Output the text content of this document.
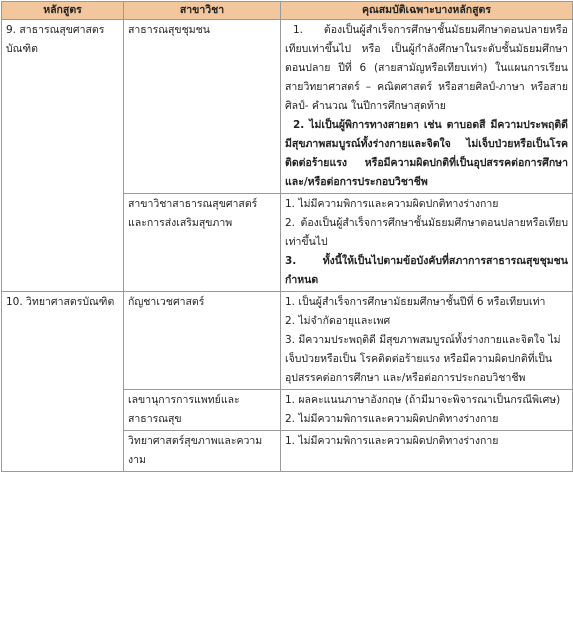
หลักสูตร	สาขาวิชา	คุณสมบัติเฉพาะบางหลักสูตร
9. สาธารณสุขศาสตรบัณฑิต	สาธารณสุขชุมชน	1. ต้องเป็นผู้สำเร็จการศึกษาชั้นมัธยมศึกษาตอนปลายหรือเทียบเท่าขึ้นไป หรือ เป็นผู้กำลังศึกษาในระดับชั้นมัธยมศึกษาตอนปลาย ปีที่ 6 (สายสามัญหรือเทียบเท่า) ในแผนการเรียนสายวิทยาศาสตร์ – คณิตศาสตร์ หรือสายศิลป์-ภาษา หรือสายศิลป์- คำนวณ ในปีการศึกษาสุดท้าย

2. ไม่เป็นผู้พิการทางสายตา เช่น ตาบอดสี มีความประพฤติดี มีสุขภาพสมบูรณ์ทั้งร่างกายและจิตใจ ไม่เจ็บป่วยหรือเป็นโรคติดต่อร้ายแรง หรือมีความผิดปกติที่เป็นอุปสรรคต่อการศึกษา และ/หรือต่อการประกอบวิชาชีพ

	สาขาวิชาสาธารณสุขศาสตร์และการส่งเสริมสุขภาพ	1. ไม่มีความพิการและความผิดปกติทางร่างกาย

2. ต้องเป็นผู้สำเร็จการศึกษาชั้นมัธยมศึกษาตอนปลายหรือเทียบเท่าขึ้นไป

3. ทั้งนี้ให้เป็นไปตามข้อบังคับที่สภาการสาธารณสุขชุมชนกำหนด

10. วิทยาศาสตรบัณฑิต	กัญชาเวชศาสตร์	1. เป็นผู้สำเร็จการศึกษามัธยมศึกษาชั้นปีที่ 6 หรือเทียบเท่า

2. ไม่จำกัดอายุและเพศ

3. มีความประพฤติดี มีสุขภาพสมบูรณ์ทั้งร่างกายและจิตใจ ไม่เจ็บป่วยหรือเป็น โรคติดต่อร้ายแรง หรือมีความผิดปกติที่เป็นอุปสรรคต่อการศึกษา และ/หรือต่อการประกอบวิชาชีพ

	เลขานุการการแพทย์และสาธารณสุข	1. ผลคะแนนภาษาอังกฤษ (ถ้ามีมาจะพิจารณาเป็นกรณีพิเศษ)

2. ไม่มีความพิการและความผิดปกติทางร่างกาย

	วิทยาศาสตร์สุขภาพและความงาม	1. ไม่มีความพิการและความผิดปกติทางร่างกาย
